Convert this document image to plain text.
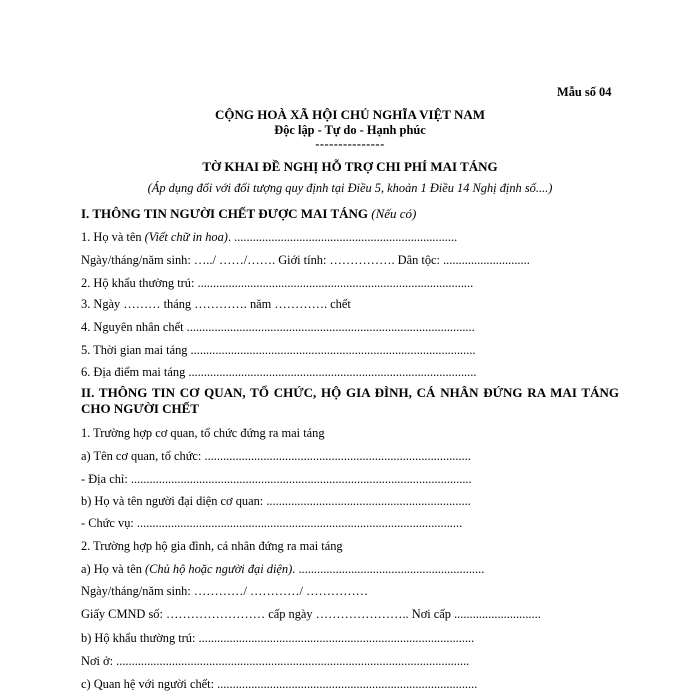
Mẫu số 04
CỘNG HOÀ XÃ HỘI CHỦ NGHĨA VIỆT NAM
Độc lập - Tự do - Hạnh phúc
---------------
TỜ KHAI ĐỀ NGHỊ HỖ TRỢ CHI PHÍ MAI TÁNG
(Áp dụng đối với đối tượng quy định tại Điều 5, khoản 1 Điều 14 Nghị định số....)
I. THÔNG TIN NGƯỜI CHẾT ĐƯỢC MAI TÁNG (Nếu có)
1. Họ và tên (Viết chữ in hoa). ........................................................................
Ngày/tháng/năm sinh: …../ ……/……. Giới tính: ……………. Dân tộc: ............................
2. Hộ khẩu thường trú: .........................................................................................
3. Ngày ……… tháng …………. năm …………. chết
4. Nguyên nhân chết .............................................................................................
5. Thời gian mai táng ............................................................................................
6. Địa điểm mai táng .............................................................................................
II. THÔNG TIN CƠ QUAN, TỔ CHỨC, HỘ GIA ĐÌNH, CÁ NHÂN ĐỨNG RA MAI TÁNG CHO NGƯỜI CHẾT
1. Trường hợp cơ quan, tổ chức đứng ra mai táng
a) Tên cơ quan, tổ chức: ......................................................................................
- Địa chỉ: ..............................................................................................................
b) Họ và tên người đại diện cơ quan: ..................................................................
- Chức vụ: .........................................................................................................
2. Trường hợp hộ gia đình, cá nhân đứng ra mai táng
a) Họ và tên (Chủ hộ hoặc người đại diện). ............................................................
Ngày/tháng/năm sinh: …………/ …………/ ……………
Giấy CMND số: …………………… cấp ngày ………………….. Nơi cấp ............................
b) Hộ khẩu thường trú: .........................................................................................
Nơi ở: ..................................................................................................................
c) Quan hệ với người chết: ....................................................................................
